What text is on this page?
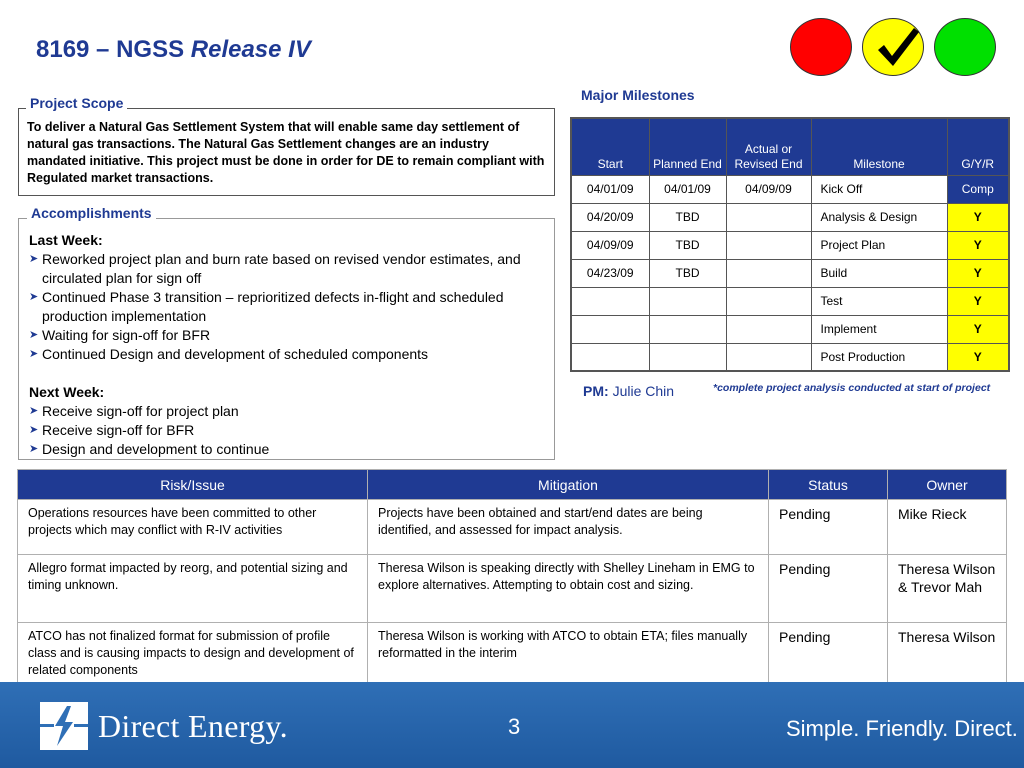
8169 – NGSS Release IV
To deliver a Natural Gas Settlement System that will enable same day settlement of natural gas transactions. The Natural Gas Settlement changes are an industry mandated initiative. This project must be done in order for DE to remain compliant with Regulated market transactions.
Project Scope
Last Week:
➤ Reworked project plan and burn rate based on revised vendor estimates, and circulated plan for sign off
➤ Continued Phase 3 transition – reprioritized defects in-flight and scheduled production implementation
➤ Waiting for sign-off for BFR
➤ Continued Design and development of scheduled components
Next Week:
➤ Receive sign-off for project plan
➤ Receive sign-off for BFR
➤ Design and development to continue
Accomplishments
Major Milestones
Start	Planned End	Actual or Revised End	Milestone	G/Y/R
04/01/09	04/01/09	04/09/09	Kick Off	Comp
04/20/09	TBD		Analysis & Design	Y
04/09/09	TBD		Project Plan	Y
04/23/09	TBD		Build	Y
			Test	Y
			Implement	Y
			Post Production	Y
PM: Julie Chin	*complete project analysis conducted at start of project
Risk/Issue	Mitigation	Status	Owner
Operations resources have been committed to other projects which may conflict with R-IV activities	Projects have been obtained and start/end dates are being identified, and assessed for impact analysis.	Pending	Mike Rieck
Allegro format impacted by reorg, and potential sizing and timing unknown.	Theresa Wilson is speaking directly with Shelley Lineham in EMG to explore alternatives. Attempting to obtain cost and sizing.	Pending	Theresa Wilson & Trevor Mah
ATCO has not finalized format for submission of profile class and is causing impacts to design and development of related components	Theresa Wilson is working with ATCO to obtain ETA; files manually reformatted in the interim	Pending	Theresa Wilson
Direct Energy.	3	Simple. Friendly. Direct.
